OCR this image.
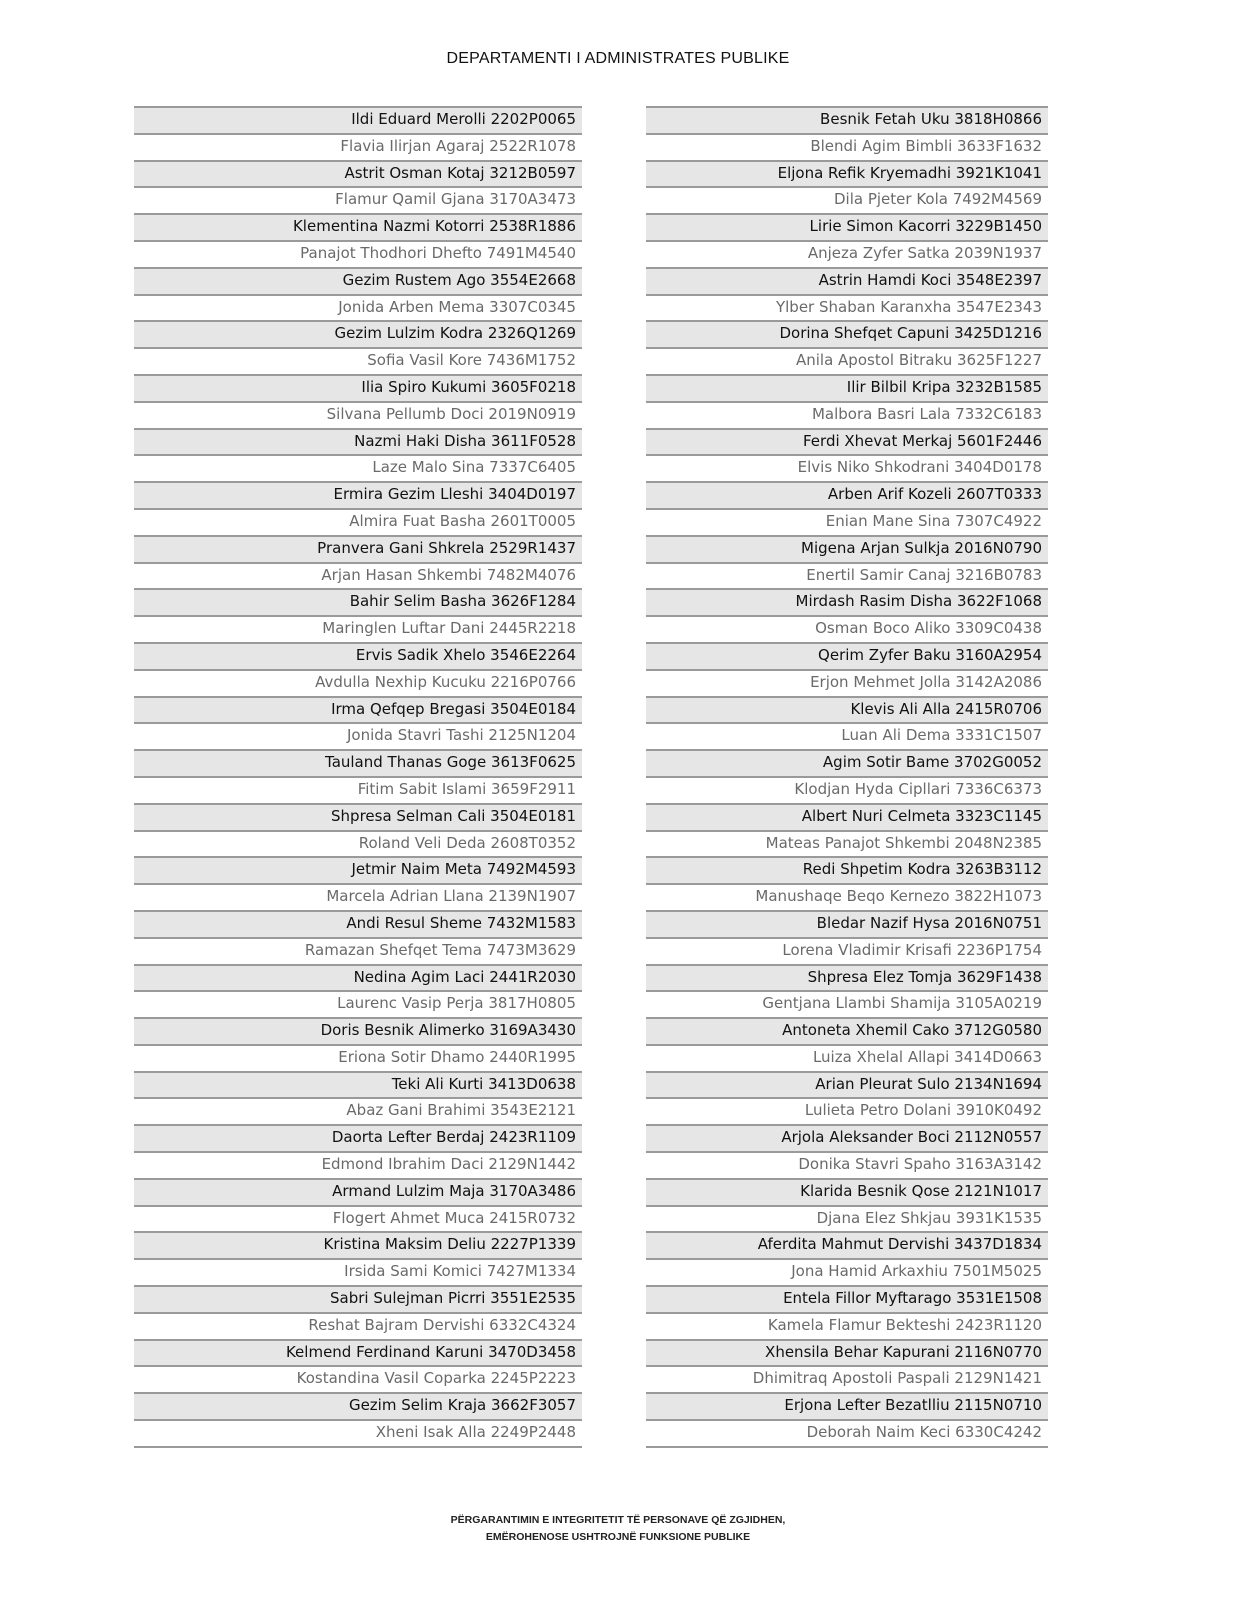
DEPARTAMENTI I ADMINISTRATES PUBLIKE
Ildi Eduard Merolli 2202P0065
Flavia Ilirjan Agaraj 2522R1078
Astrit Osman Kotaj 3212B0597
Flamur Qamil Gjana 3170A3473
Klementina Nazmi Kotorri 2538R1886
Panajot Thodhori Dhefto 7491M4540
Gezim Rustem Ago 3554E2668
Jonida Arben Mema 3307C0345
Gezim Lulzim Kodra 2326Q1269
Sofia Vasil Kore 7436M1752
Ilia Spiro Kukumi 3605F0218
Silvana Pellumb Doci 2019N0919
Nazmi Haki Disha 3611F0528
Laze Malo Sina 7337C6405
Ermira Gezim Lleshi 3404D0197
Almira Fuat Basha 2601T0005
Pranvera Gani Shkrela 2529R1437
Arjan Hasan Shkembi 7482M4076
Bahir Selim Basha 3626F1284
Maringlen Luftar Dani 2445R2218
Ervis Sadik Xhelo 3546E2264
Avdulla Nexhip Kucuku 2216P0766
Irma Qefqep Bregasi 3504E0184
Jonida Stavri Tashi 2125N1204
Tauland Thanas Goge 3613F0625
Fitim Sabit Islami 3659F2911
Shpresa Selman Cali 3504E0181
Roland Veli Deda 2608T0352
Jetmir Naim Meta 7492M4593
Marcela Adrian Llana 2139N1907
Andi Resul Sheme 7432M1583
Ramazan Shefqet Tema 7473M3629
Nedina Agim Laci 2441R2030
Laurenc Vasip Perja 3817H0805
Doris Besnik Alimerko 3169A3430
Eriona Sotir Dhamo 2440R1995
Teki Ali Kurti 3413D0638
Abaz Gani Brahimi 3543E2121
Daorta Lefter Berdaj 2423R1109
Edmond Ibrahim Daci 2129N1442
Armand Lulzim Maja 3170A3486
Flogert Ahmet Muca 2415R0732
Kristina Maksim Deliu 2227P1339
Irsida Sami Komici 7427M1334
Sabri Sulejman Picrri 3551E2535
Reshat Bajram Dervishi 6332C4324
Kelmend Ferdinand Karuni 3470D3458
Kostandina Vasil Coparka 2245P2223
Gezim Selim Kraja 3662F3057
Xheni Isak Alla 2249P2448
Besnik Fetah Uku 3818H0866
Blendi Agim Bimbli 3633F1632
Eljona Refik Kryemadhi 3921K1041
Dila Pjeter Kola 7492M4569
Lirie Simon Kacorri 3229B1450
Anjeza Zyfer Satka 2039N1937
Astrin Hamdi Koci 3548E2397
Ylber Shaban Karanxha 3547E2343
Dorina Shefqet Capuni 3425D1216
Anila Apostol Bitraku 3625F1227
Ilir Bilbil Kripa 3232B1585
Malbora Basri Lala 7332C6183
Ferdi Xhevat Merkaj 5601F2446
Elvis Niko Shkodrani 3404D0178
Arben Arif Kozeli 2607T0333
Enian Mane Sina 7307C4922
Migena Arjan Sulkja 2016N0790
Enertil Samir Canaj 3216B0783
Mirdash Rasim Disha 3622F1068
Osman Boco Aliko 3309C0438
Qerim Zyfer Baku 3160A2954
Erjon Mehmet Jolla 3142A2086
Klevis Ali Alla 2415R0706
Luan Ali Dema 3331C1507
Agim Sotir Bame 3702G0052
Klodjan Hyda Cipllari 7336C6373
Albert Nuri Celmeta 3323C1145
Mateas Panajot Shkembi 2048N2385
Redi Shpetim Kodra 3263B3112
Manushaqe Beqo Kernezo 3822H1073
Bledar Nazif Hysa 2016N0751
Lorena Vladimir Krisafi 2236P1754
Shpresa Elez Tomja 3629F1438
Gentjana Llambi Shamija 3105A0219
Antoneta Xhemil Cako 3712G0580
Luiza Xhelal Allapi 3414D0663
Arian Pleurat Sulo 2134N1694
Lulieta Petro Dolani 3910K0492
Arjola Aleksander Boci 2112N0557
Donika Stavri Spaho 3163A3142
Klarida Besnik Qose 2121N1017
Djana Elez Shkjau 3931K1535
Aferdita Mahmut Dervishi 3437D1834
Jona Hamid Arkaxhiu 7501M5025
Entela Fillor Myftarago 3531E1508
Kamela Flamur Bekteshi 2423R1120
Xhensila Behar Kapurani 2116N0770
Dhimitraq Apostoli Paspali 2129N1421
Erjona Lefter Bezatlliu 2115N0710
Deborah Naim Keci 6330C4242
PËRGARANTIMIN E INTEGRITETIT TË PERSONAVE QË ZGJIDHEN,
EMËROHENOSE USHTROJNË FUNKSIONE PUBLIKE
